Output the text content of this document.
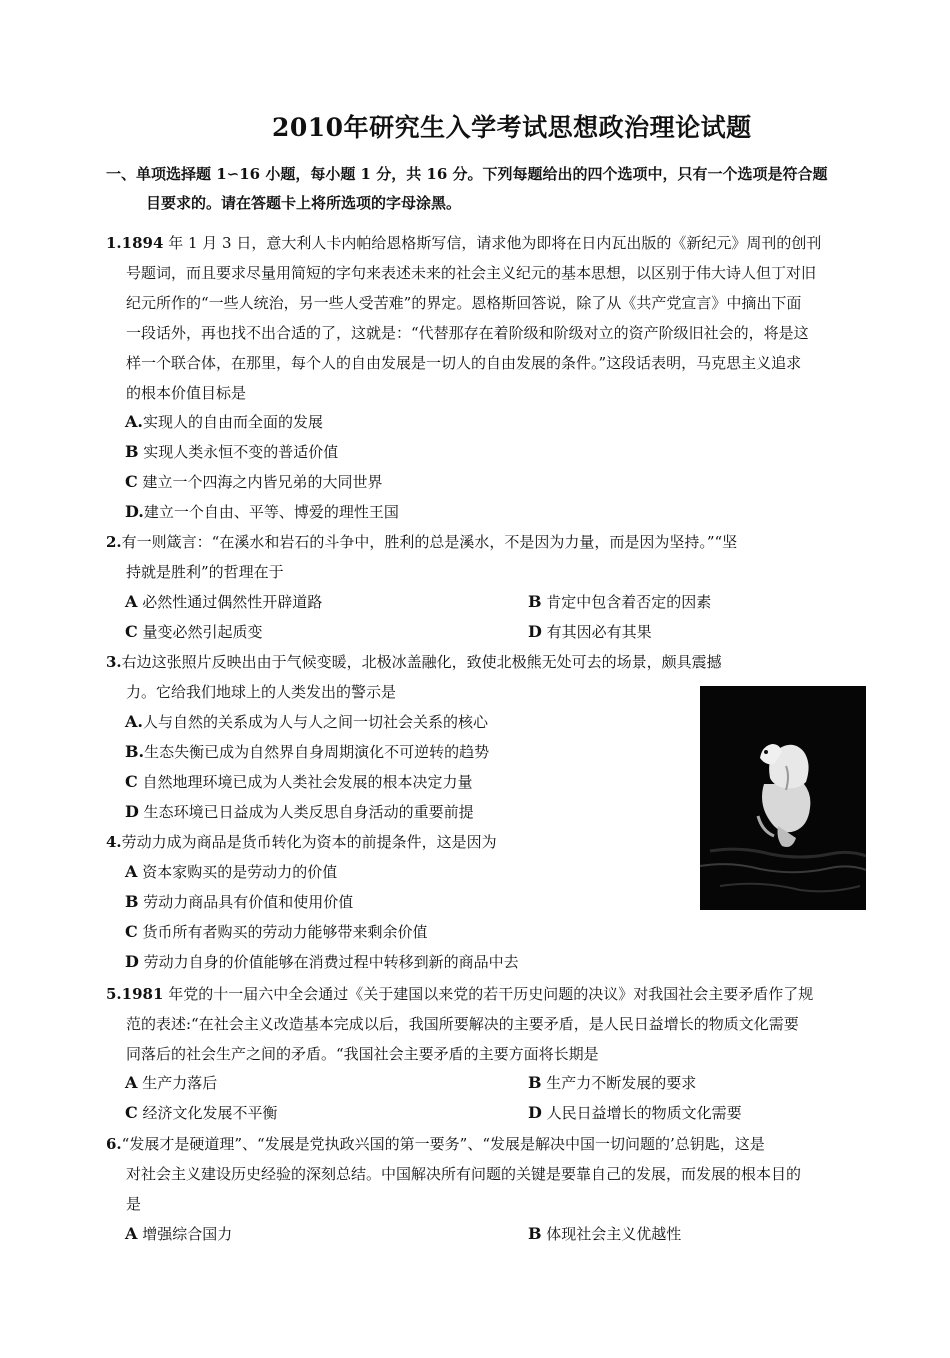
2010年研究生入学考试思想政治理论试题
一、单项选择题 1∽16 小题，每小题 1 分，共 16 分。下列每题给出的四个选项中，只有一个选项是符合题
目要求的。请在答题卡上将所选项的字母涂黑。
1.1894 年 1 月 3 日，意大利人卡内帕给恩格斯写信，请求他为即将在日内瓦出版的《新纪元》周刊的创刊
号题词，而且要求尽量用简短的字句来表述未来的社会主义纪元的基本思想，以区别于伟大诗人但丁对旧
纪元所作的“一些人统治，另一些人受苦难”的界定。恩格斯回答说，除了从《共产党宣言》中摘出下面
一段话外，再也找不出合适的了，这就是：“代替那存在着阶级和阶级对立的资产阶级旧社会的，将是这
样一个联合体，在那里，每个人的自由发展是一切人的自由发展的条件。”这段话表明，马克思主义追求
的根本价值目标是
A.实现人的自由而全面的发展
B 实现人类永恒不变的普适价值
C 建立一个四海之内皆兄弟的大同世界
D.建立一个自由、平等、博爱的理性王国
2.有一则箴言：“在溪水和岩石的斗争中，胜利的总是溪水，不是因为力量，而是因为坚持。”“坚
持就是胜利”的哲理在于
A 必然性通过偶然性开辟道路	B 肯定中包含着否定的因素
C 量变必然引起质变	D 有其因必有其果
3.右边这张照片反映出由于气候变暖，北极冰盖融化，致使北极熊无处可去的场景，颇具震撼
力。它给我们地球上的人类发出的警示是
A.人与自然的关系成为人与人之间一切社会关系的核心
B.生态失衡已成为自然界自身周期演化不可逆转的趋势
C 自然地理环境已成为人类社会发展的根本决定力量
D 生态环境已日益成为人类反思自身活动的重要前提
4.劳动力成为商品是货币转化为资本的前提条件，这是因为
A 资本家购买的是劳动力的价值
B 劳动力商品具有价值和使用价值
C 货币所有者购买的劳动力能够带来剩余价值
D 劳动力自身的价值能够在消费过程中转移到新的商品中去
5.1981 年党的十一届六中全会通过《关于建国以来党的若干历史问题的决议》对我国社会主要矛盾作了规
范的表述:“在社会主义改造基本完成以后，我国所要解决的主要矛盾，是人民日益增长的物质文化需要
同落后的社会生产之间的矛盾。“我国社会主要矛盾的主要方面将长期是
A 生产力落后	B 生产力不断发展的要求
C 经济文化发展不平衡	D 人民日益增长的物质文化需要
6.“发展才是硬道理”、“发展是党执政兴国的第一要务”、“发展是解决中国一切问题的’总钥匙，这是
对社会主义建设历史经验的深刻总结。中国解决所有问题的关键是要靠自己的发展，而发展的根本目的
是
A 增强综合国力	B 体现社会主义优越性
